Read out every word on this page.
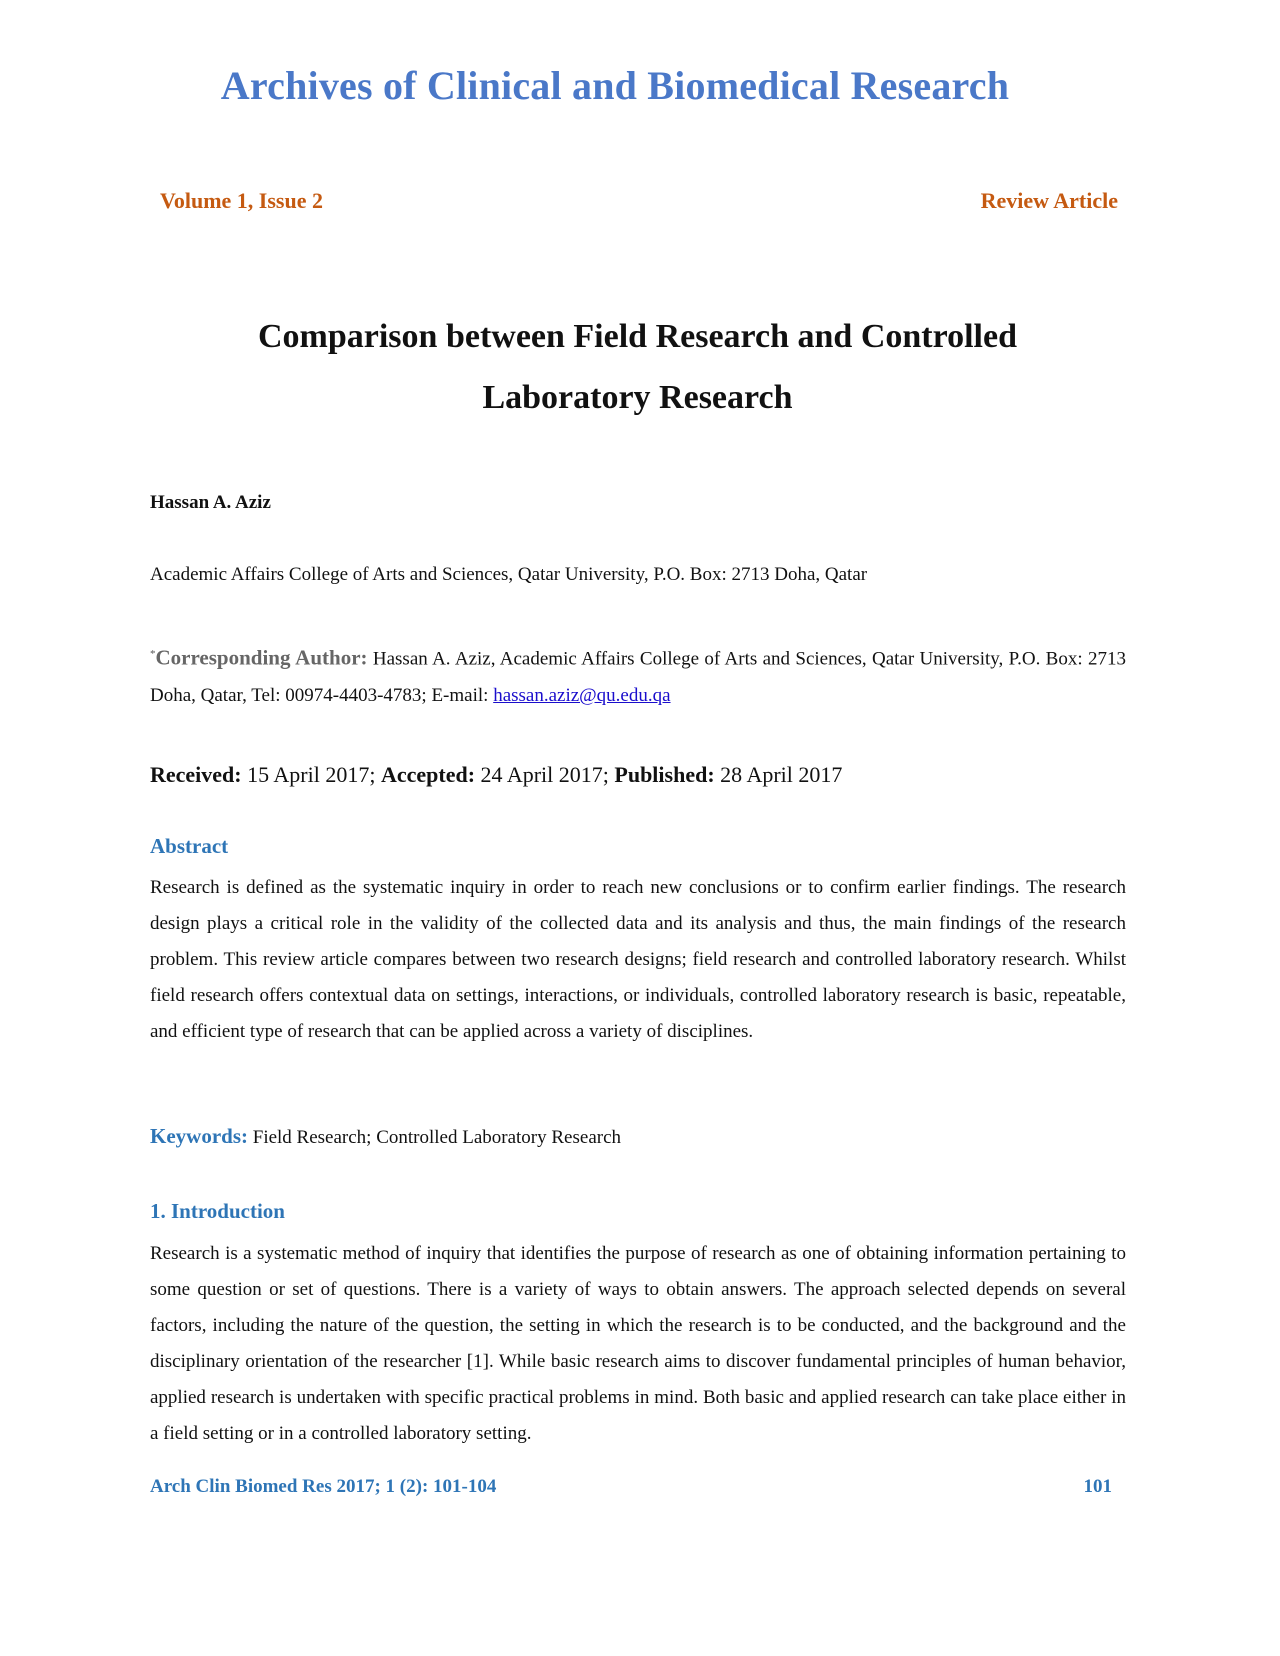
Archives of Clinical and Biomedical Research
Volume 1, Issue 2	Review Article
Comparison between Field Research and Controlled
Laboratory Research
Hassan A. Aziz
Academic Affairs College of Arts and Sciences, Qatar University, P.O. Box: 2713 Doha, Qatar
*Corresponding Author: Hassan A. Aziz, Academic Affairs College of Arts and Sciences, Qatar University, P.O. Box: 2713 Doha, Qatar, Tel: 00974-4403-4783; E-mail: hassan.aziz@qu.edu.qa
Received: 15 April 2017; Accepted: 24 April 2017; Published: 28 April 2017
Abstract
Research is defined as the systematic inquiry in order to reach new conclusions or to confirm earlier findings. The research design plays a critical role in the validity of the collected data and its analysis and thus, the main findings of the research problem. This review article compares between two research designs; field research and controlled laboratory research. Whilst field research offers contextual data on settings, interactions, or individuals, controlled laboratory research is basic, repeatable, and efficient type of research that can be applied across a variety of disciplines.
Keywords: Field Research; Controlled Laboratory Research
1. Introduction
Research is a systematic method of inquiry that identifies the purpose of research as one of obtaining information pertaining to some question or set of questions. There is a variety of ways to obtain answers. The approach selected depends on several factors, including the nature of the question, the setting in which the research is to be conducted, and the background and the disciplinary orientation of the researcher [1]. While basic research aims to discover fundamental principles of human behavior, applied research is undertaken with specific practical problems in mind. Both basic and applied research can take place either in a field setting or in a controlled laboratory setting.
Arch Clin Biomed Res 2017; 1 (2): 101-104	101
